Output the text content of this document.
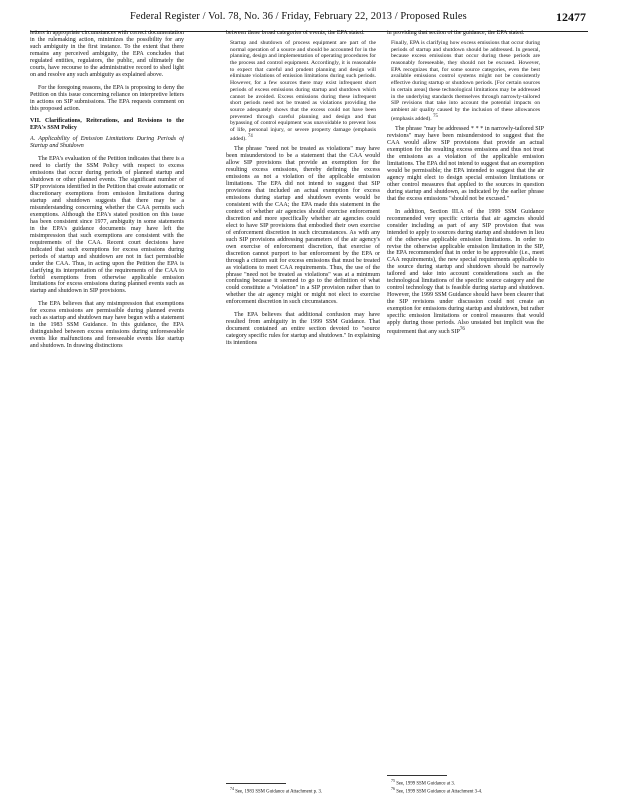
Federal Register / Vol. 78, No. 36 / Friday, February 22, 2013 / Proposed Rules	12477

letters in appropriate circumstances with correct documentation in the rulemaking action, minimizes the possibility for any such ambiguity in the first instance. To the extent that there remains any perceived ambiguity, the EPA concludes that regulated entities, regulators, the public, and ultimately the courts, have recourse to the administrative record to shed light on and resolve any such ambiguity as explained above.

For the foregoing reasons, the EPA is proposing to deny the Petition on this issue concerning reliance on interpretive letters in actions on SIP submissions. The EPA requests comment on this proposed action.

VII. Clarifications, Reiterations, and Revisions to the EPA's SSM Policy

A. Applicability of Emission Limitations During Periods of Startup and Shutdown

The EPA's evaluation of the Petition indicates that there is a need to clarify the SSM Policy with respect to excess emissions that occur during periods of planned startup and shutdown or other planned events. The significant number of SIP provisions identified in the Petition that create automatic or discretionary exemptions from emission limitations during startup and shutdown suggests that there may be a misunderstanding concerning whether the CAA permits such exemptions. Although the EPA's stated position on this issue has been consistent since 1977, ambiguity in some statements in the EPA's guidance documents may have left the misimpression that such exemptions are consistent with the requirements of the CAA. Recent court decisions have indicated that such exemptions for excess emissions during periods of startup and shutdown are not in fact permissible under the CAA. Thus, in acting upon the Petition the EPA is clarifying its interpretation of the requirements of the CAA to forbid exemptions from otherwise applicable emission limitations for excess emissions during planned events such as startup and shutdown in SIP provisions.

The EPA believes that any misimpression that exemptions for excess emissions are permissible during planned events such as startup and shutdown may have begun with a statement in the 1983 SSM Guidance. In this guidance, the EPA distinguished between excess emissions during unforeseeable events like malfunctions and foreseeable events like startup and shutdown. In drawing distinctions

between these broad categories of events, the EPA stated:

Startup and shutdown of process equipment are part of the normal operation of a source and should be accounted for in the planning, design and implementation of operating procedures for the process and control equipment. Accordingly, it is reasonable to expect that careful and prudent planning and design will eliminate violations of emission limitations during such periods. However, for a few sources there may exist infrequent short periods of excess emissions during startup and shutdown which cannot be avoided. Excess emissions during these infrequent short periods need not be treated as violations providing the source adequately shows that the excess could not have been prevented through careful planning and design and that bypassing of control equipment was unavoidable to prevent loss of life, personal injury, or severe property damage (emphasis added). $^{74}$

The phrase "need not be treated as violations" may have been misunderstood to be a statement that the CAA would allow SIP provisions that provide an exemption for the resulting excess emissions, thereby defining the excess emissions as not a violation of the applicable emission limitations. The EPA did not intend to suggest that SIP provisions that included an actual exemption for excess emissions during startup and shutdown events would be consistent with the CAA; the EPA made this statement in the context of whether air agencies should exercise enforcement discretion and more specifically whether air agencies could elect to have SIP provisions that embodied their own exercise of enforcement discretion in such circumstances. As with any such SIP provisions addressing parameters of the air agency's own exercise of enforcement discretion, that exercise of discretion cannot purport to bar enforcement by the EPA or through a citizen suit for excess emissions that must be treated as violations to meet CAA requirements. Thus, the use of the phrase "need not be treated as violations" was at a minimum confusing because it seemed to go to the definition of what could constitute a "violation" in a SIP provision rather than to whether the air agency might or might not elect to exercise enforcement discretion in such circumstances.

The EPA believes that additional confusion may have resulted from ambiguity in the 1999 SSM Guidance. That document contained an entire section devoted to "source category specific rules for startup and shutdown." In explaining its intentions

$^{74}$ See, 1983 SSM Guidance at Attachment p. 3.

in providing that section of the guidance, the EPA stated:

Finally, EPA is clarifying how excess emissions that occur during periods of startup and shutdown should be addressed. In general, because excess emissions that occur during these periods are reasonably foreseeable, they should not be excused. However, EPA recognizes that, for some source categories, even the best available emissions control systems might not be consistently effective during startup or shutdown periods. [For certain sources in certain areas] these technological limitations may be addressed in the underlying standards themselves through narrowly-tailored SIP revisions that take into account the potential impacts on ambient air quality caused by the inclusion of these allowances (emphasis added). $^{75}$

The phrase "may be addressed * * * in narrowly-tailored SIP revisions" may have been misunderstood to suggest that the CAA would allow SIP provisions that provide an actual exemption for the resulting excess emissions and thus not treat the emissions as a violation of the applicable emission limitations. The EPA did not intend to suggest that an exemption would be permissible; the EPA intended to suggest that the air agency might elect to design special emission limitations or other control measures that applied to the sources in question during startup and shutdown, as indicated by the earlier phrase that the excess emissions "should not be excused."

In addition, Section III.A of the 1999 SSM Guidance recommended very specific criteria that air agencies should consider including as part of any SIP provision that was intended to apply to sources during startup and shutdown in lieu of the otherwise applicable emission limitations. In order to revise the otherwise applicable emission limitation in the SIP, the EPA recommended that in order to be approvable (i.e., meet CAA requirements), the new special requirements applicable to the source during startup and shutdown should be narrowly tailored and take into account considerations such as the technological limitations of the specific source category and the control technology that is feasible during startup and shutdown. However, the 1999 SSM Guidance should have been clearer that the SIP revisions under discussion could not create an exemption for emissions during startup and shutdown, but rather specific emission limitations or control measures that would apply during those periods. Also unstated but implicit was the requirement that any such SIP$^{76}$

$^{75}$ See, 1999 SSM Guidance at 3.
$^{76}$ See, 1999 SSM Guidance at Attachment 3-4.
